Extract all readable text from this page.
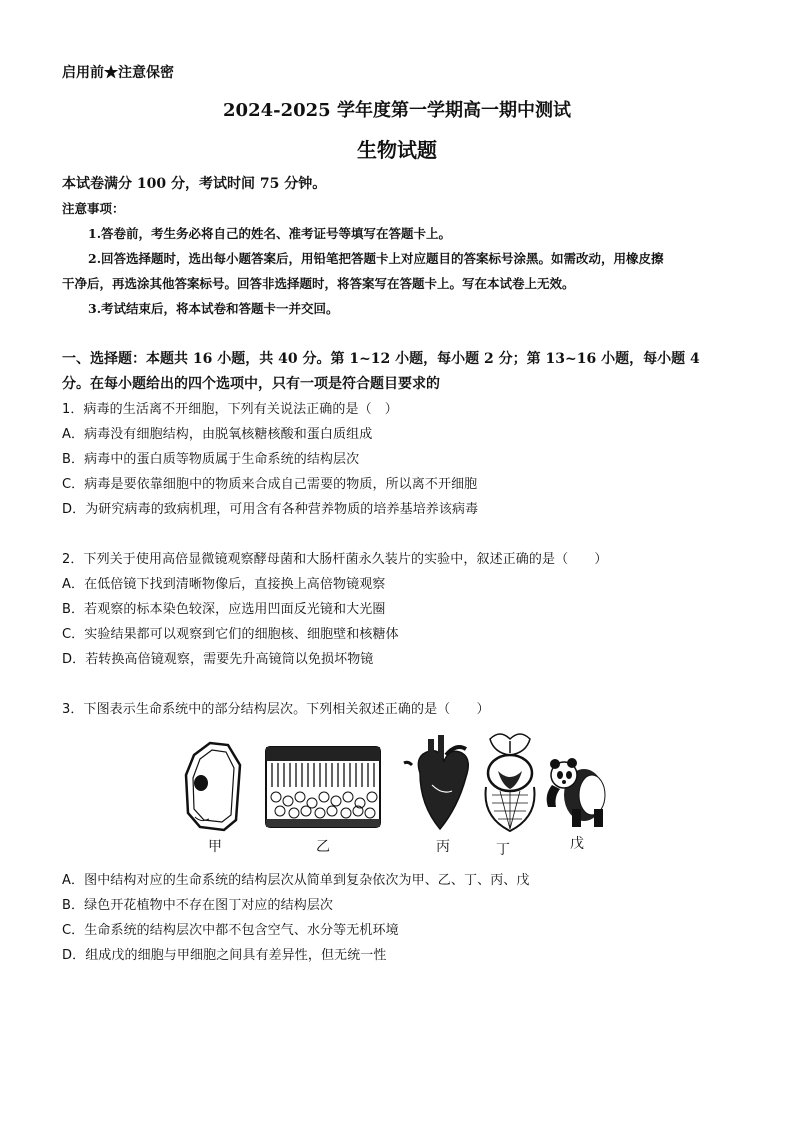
启用前★注意保密
2024-2025 学年度第一学期高一期中测试
生物试题
本试卷满分 100 分，考试时间 75 分钟。
注意事项：
1.答卷前，考生务必将自己的姓名、准考证号等填写在答题卡上。
2.回答选择题时，选出每小题答案后，用铅笔把答题卡上对应题目的答案标号涂黑。如需改动，用橡皮擦
干净后，再选涂其他答案标号。回答非选择题时，将答案写在答题卡上。写在本试卷上无效。
3.考试结束后，将本试卷和答题卡一并交回。
一、选择题：本题共 16 小题，共 40 分。第 1~12 小题，每小题 2 分；第 13~16 小题，每小题 4
分。在每小题给出的四个选项中，只有一项是符合题目要求的
1．病毒的生活离不开细胞，下列有关说法正确的是（　）
A．病毒没有细胞结构，由脱氧核糖核酸和蛋白质组成
B．病毒中的蛋白质等物质属于生命系统的结构层次
C．病毒是要依靠细胞中的物质来合成自己需要的物质，所以离不开细胞
D．为研究病毒的致病机理，可用含有各种营养物质的培养基培养该病毒
2．下列关于使用高倍显微镜观察酵母菌和大肠杆菌永久装片的实验中，叙述正确的是（　　）
A．在低倍镜下找到清晰物像后，直接换上高倍物镜观察
B．若观察的标本染色较深，应选用凹面反光镜和大光圈
C．实验结果都可以观察到它们的细胞核、细胞壁和核糖体
D．若转换高倍镜观察，需要先升高镜筒以免损坏物镜
3．下图表示生命系统中的部分结构层次。下列相关叙述正确的是（　　）
甲	乙	丙	丁	戊
A．图中结构对应的生命系统的结构层次从简单到复杂依次为甲、乙、丁、丙、戊
B．绿色开花植物中不存在图丁对应的结构层次
C．生命系统的结构层次中都不包含空气、水分等无机环境
D．组成戊的细胞与甲细胞之间具有差异性，但无统一性
